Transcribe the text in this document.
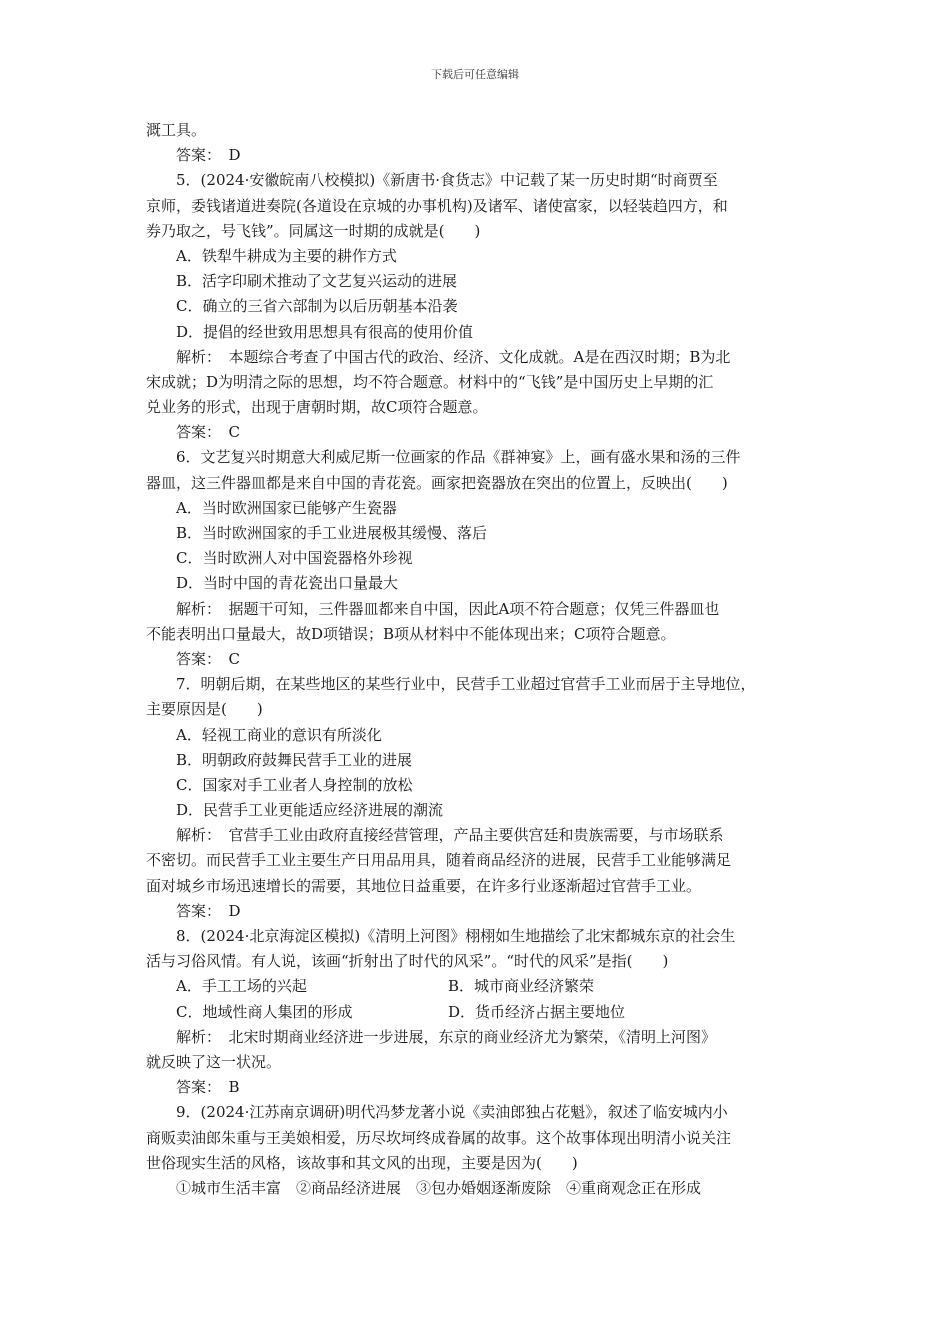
下载后可任意编辑
溉工具。
答案：　D
5．(2024·安徽皖南八校模拟)《新唐书·食货志》中记载了某一历史时期“时商贾至
京师，委钱诸道进奏院(各道设在京城的办事机构)及诸军、诸使富家，以轻装趋四方，和
券乃取之，号飞钱”。同属这一时期的成就是(　　)
A．铁犁牛耕成为主要的耕作方式
B．活字印刷术推动了文艺复兴运动的进展
C．确立的三省六部制为以后历朝基本沿袭
D．提倡的经世致用思想具有很高的使用价值
解析：　本题综合考查了中国古代的政治、经济、文化成就。A是在西汉时期；B为北
宋成就；D为明清之际的思想，均不符合题意。材料中的“飞钱”是中国历史上早期的汇
兑业务的形式，出现于唐朝时期，故C项符合题意。
答案：　C
6．文艺复兴时期意大利威尼斯一位画家的作品《群神宴》上，画有盛水果和汤的三件
器皿，这三件器皿都是来自中国的青花瓷。画家把瓷器放在突出的位置上，反映出(　　)
A．当时欧洲国家已能够产生瓷器
B．当时欧洲国家的手工业进展极其缓慢、落后
C．当时欧洲人对中国瓷器格外珍视
D．当时中国的青花瓷出口量最大
解析：　据题干可知，三件器皿都来自中国，因此A项不符合题意；仅凭三件器皿也
不能表明出口量最大，故D项错误；B项从材料中不能体现出来；C项符合题意。
答案：　C
7．明朝后期，在某些地区的某些行业中，民营手工业超过官营手工业而居于主导地位，
主要原因是(　　)
A．轻视工商业的意识有所淡化
B．明朝政府鼓舞民营手工业的进展
C．国家对手工业者人身控制的放松
D．民营手工业更能适应经济进展的潮流
解析：　官营手工业由政府直接经营管理，产品主要供宫廷和贵族需要，与市场联系
不密切。而民营手工业主要生产日用品用具，随着商品经济的进展，民营手工业能够满足
面对城乡市场迅速增长的需要，其地位日益重要，在许多行业逐渐超过官营手工业。
答案：　D
8．(2024·北京海淀区模拟)《清明上河图》栩栩如生地描绘了北宋都城东京的社会生
活与习俗风情。有人说，该画“折射出了时代的风采”。“时代的风采”是指(　　)
A．手工工场的兴起	B．城市商业经济繁荣
C．地域性商人集团的形成	D．货币经济占据主要地位
解析：　北宋时期商业经济进一步进展，东京的商业经济尤为繁荣，《清明上河图》
就反映了这一状况。
答案：　B
9．(2024·江苏南京调研)明代冯梦龙著小说《卖油郎独占花魁》，叙述了临安城内小
商贩卖油郎朱重与王美娘相爱，历尽坎坷终成眷属的故事。这个故事体现出明清小说关注
世俗现实生活的风格，该故事和其文风的出现，主要是因为(　　)
①城市生活丰富　②商品经济进展　③包办婚姻逐渐废除　④重商观念正在形成
